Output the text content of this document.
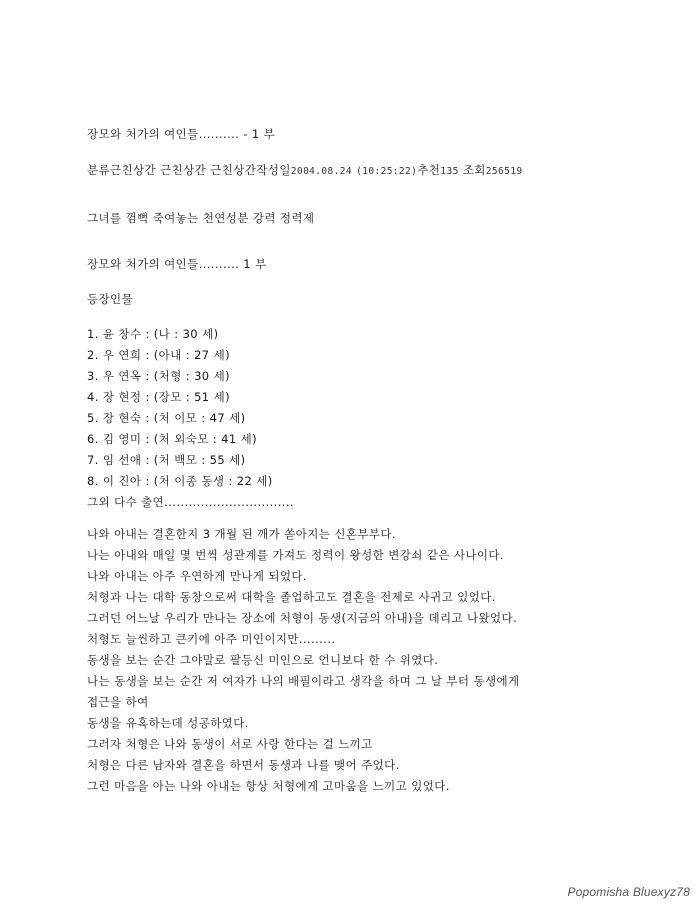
장모와 처가의 여인들.......... - 1 부
분류근친상간 근친상간 근친상간작성일2004.08.24 (10:25:22)추천135 조회256519
그녀를 껌뻑 죽여놓는 천연성분 강력 정력제
장모와 처가의 여인들.......... 1 부
등장인물
1. 윤 창수 : (나 : 30 세)
2. 우 연희 : (아내 : 27 세)
3. 우 연옥 : (처형 : 30 세)
4. 장 현정 : (장모 : 51 세)
5. 장 현숙 : (처 이모 : 47 세)
6. 김 영미 : (처 외숙모 : 41 세)
7. 임 선애 : (처 백모 : 55 세)
8. 이 진아 : (처 이종 동생 : 22 세)
그외 다수 출연................................
나와 아내는 결혼한지 3 개월 된 깨가 쏟아지는 신혼부부다.
나는 아내와 매일 몇 번씩 성관계를 가져도 정력이 왕성한 변강쇠 같은 사나이다.
나와 아내는 아주 우연하게 만나게 되었다.
처형과 나는 대학 동창으로써 대학을 졸업하고도 결혼을 전제로 사귀고 있었다.
그러던 어느날 우리가 만나는 장소에 처형이 동생(지금의 아내)을 데리고 나왔었다.
처형도 늘씬하고 큰키에 아주 미인이지만.........
동생을 보는 순간 그야말로 팔등신 미인으로 언니보다 한 수 위였다.
나는 동생을 보는 순간 저 여자가 나의 배필이라고 생각을 하며 그 날 부터 동생에게
접근을 하여
동생을 유혹하는데 성공하였다.
그러자 처형은 나와 동생이 서로 사랑 한다는 걸 느끼고
처형은 다른 남자와 결혼을 하면서 동생과 나를 맺어 주었다.
그런 마음을 아는 나와 아내는 항상 처형에게 고마움을 느끼고 있었다.
Popomisha Bluexyz78
